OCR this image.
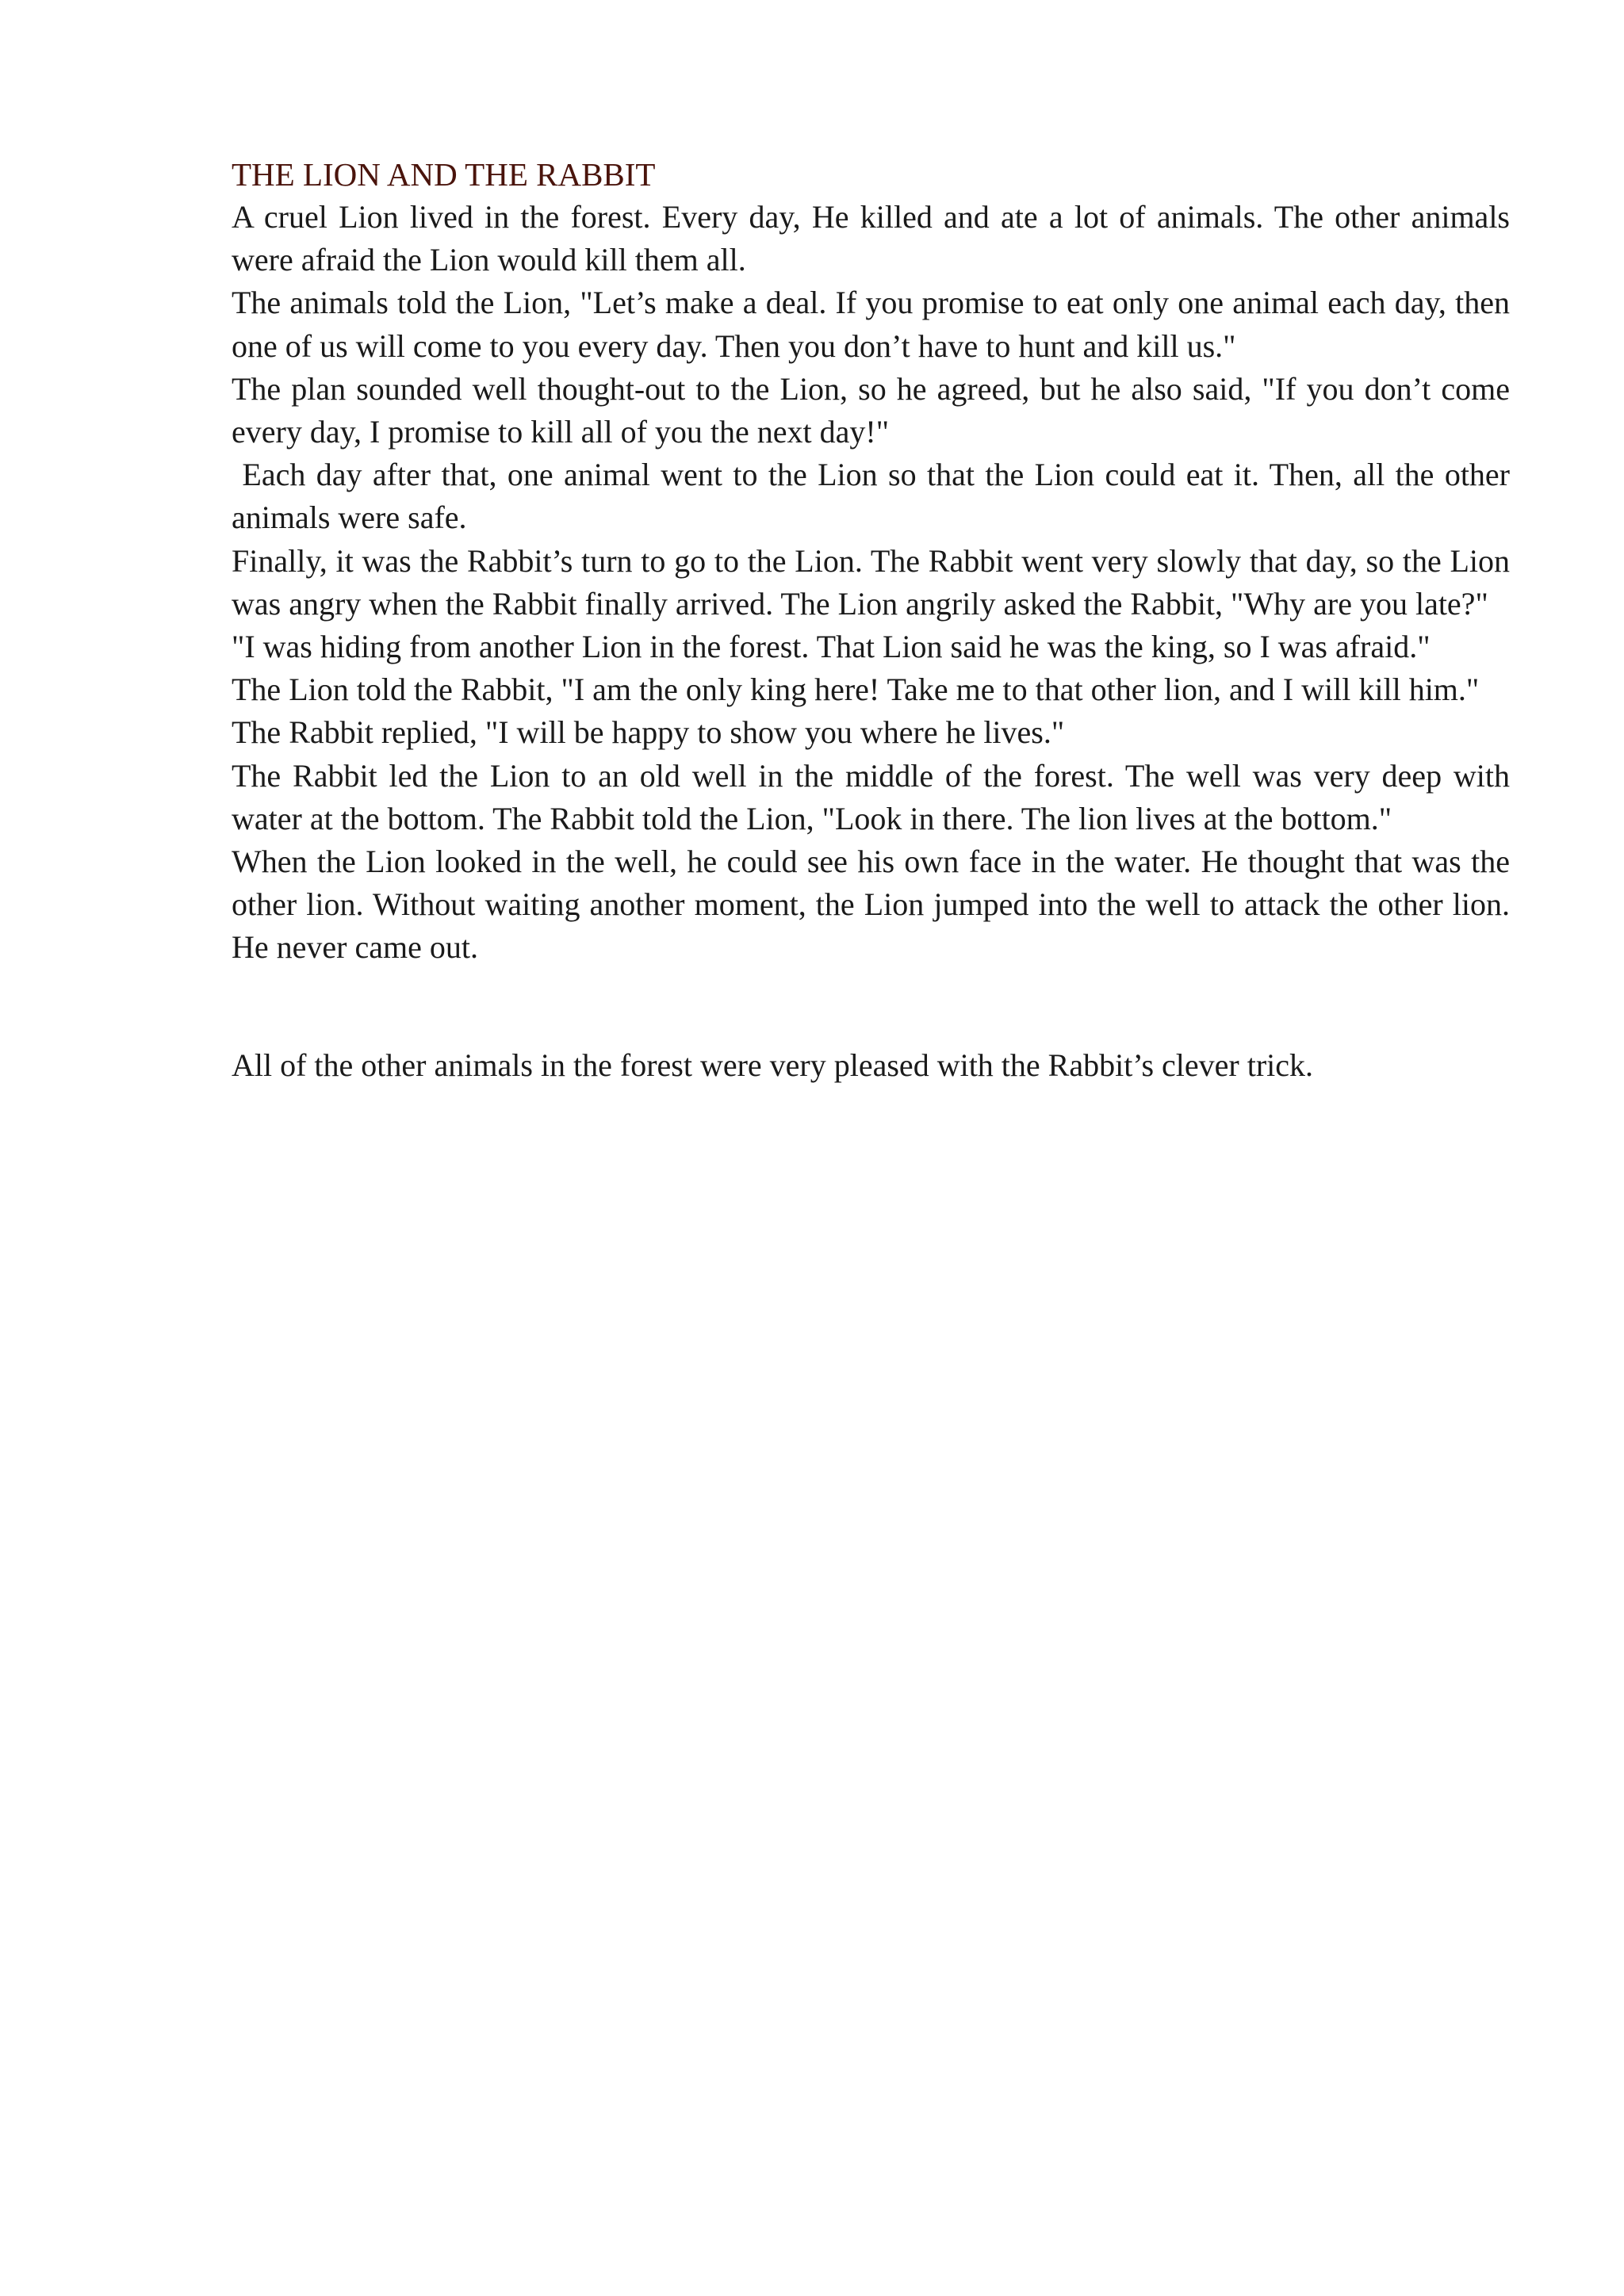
THE LION AND THE RABBIT

A cruel Lion lived in the forest. Every day, He killed and ate a lot of animals. The other animals were afraid the Lion would kill them all.

The animals told the Lion, "Let’s make a deal. If you promise to eat only one animal each day, then one of us will come to you every day. Then you don’t have to hunt and kill us."

The plan sounded well thought-out to the Lion, so he agreed, but he also said, "If you don’t come every day, I promise to kill all of you the next day!"

Each day after that, one animal went to the Lion so that the Lion could eat it. Then, all the other animals were safe.

Finally, it was the Rabbit’s turn to go to the Lion. The Rabbit went very slowly that day, so the Lion was angry when the Rabbit finally arrived. The Lion angrily asked the Rabbit, "Why are you late?"

"I was hiding from another Lion in the forest. That Lion said he was the king, so I was afraid."

The Lion told the Rabbit, "I am the only king here! Take me to that other lion, and I will kill him."

The Rabbit replied, "I will be happy to show you where he lives."

The Rabbit led the Lion to an old well in the middle of the forest. The well was very deep with water at the bottom. The Rabbit told the Lion, "Look in there. The lion lives at the bottom."

When the Lion looked in the well, he could see his own face in the water. He thought that was the other lion. Without waiting another moment, the Lion jumped into the well to attack the other lion. He never came out.

All of the other animals in the forest were very pleased with the Rabbit’s clever trick.
